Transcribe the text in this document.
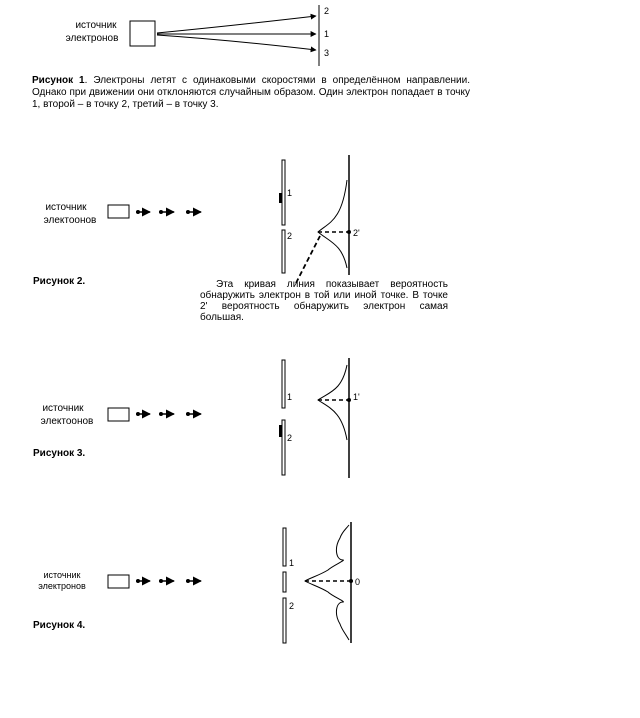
источник
электронов
2
1
3
источник
электоонов
1
2	2'
Рисунок 2.
источник
электоонов
1
2
1'
Рисунок 3.
источник
электронов
1
2
0
Рисунок 4.

Рисунок 1. Электроны летят с одинаковыми скоростями в определённом направлении. Однако при движении они отклоняются случайным образом. Один электрон попадает в точку 1, второй – в точку 2, третий – в точку 3.

Эта кривая линия показывает вероятность обнаружить электрон в той или иной точке. В точке 2' вероятность обнаружить электрон самая большая.
